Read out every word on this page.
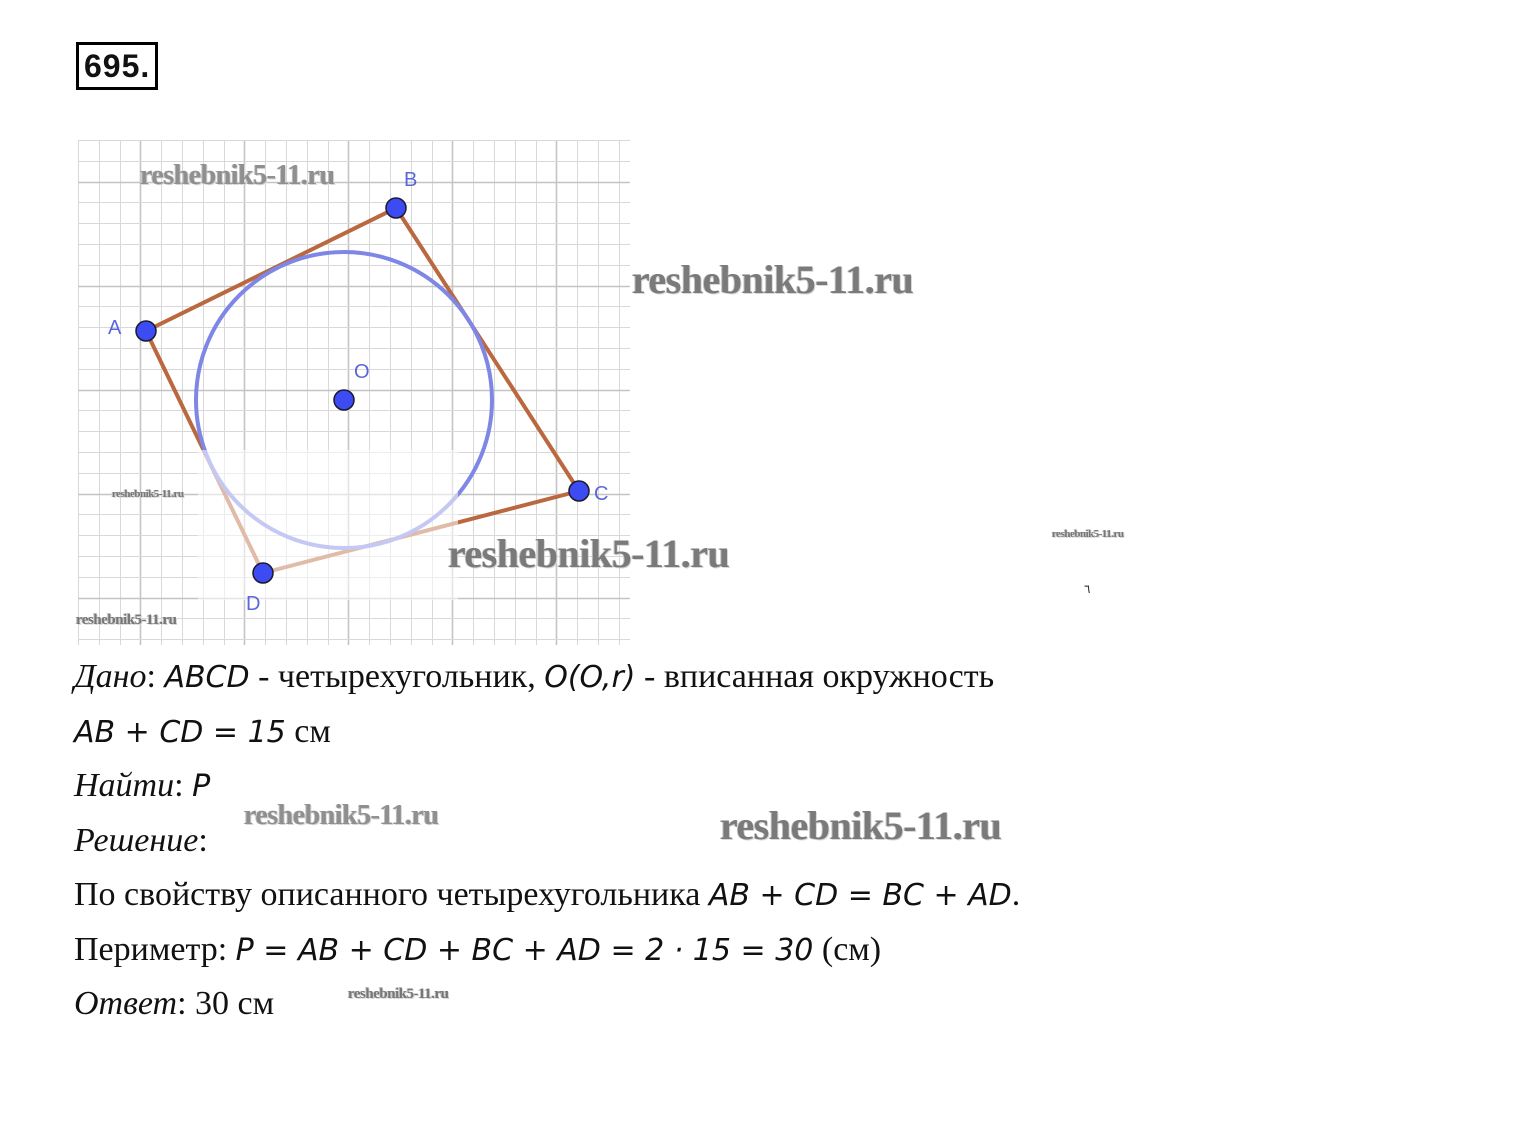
695.
A
B
C
D
O
reshebnik5-11.ru
reshebnik5-11.ru
reshebnik5-11.ru
reshebnik5-11.ru	reshebnik5-11.ru
reshebnik5-11.ru
reshebnik5-11.ru	reshebnik5-11.ru
reshebnik5-11.ru
٦
Дано: ABCD - четырехугольник, O(O,r) - вписанная окружность
AB + CD = 15 см
Найти: P
Решение:
По свойству описанного четырехугольника AB + CD = BC + AD.
Периметр: P = AB + CD + BC + AD = 2 · 15 = 30 (см)
Ответ: 30 см
